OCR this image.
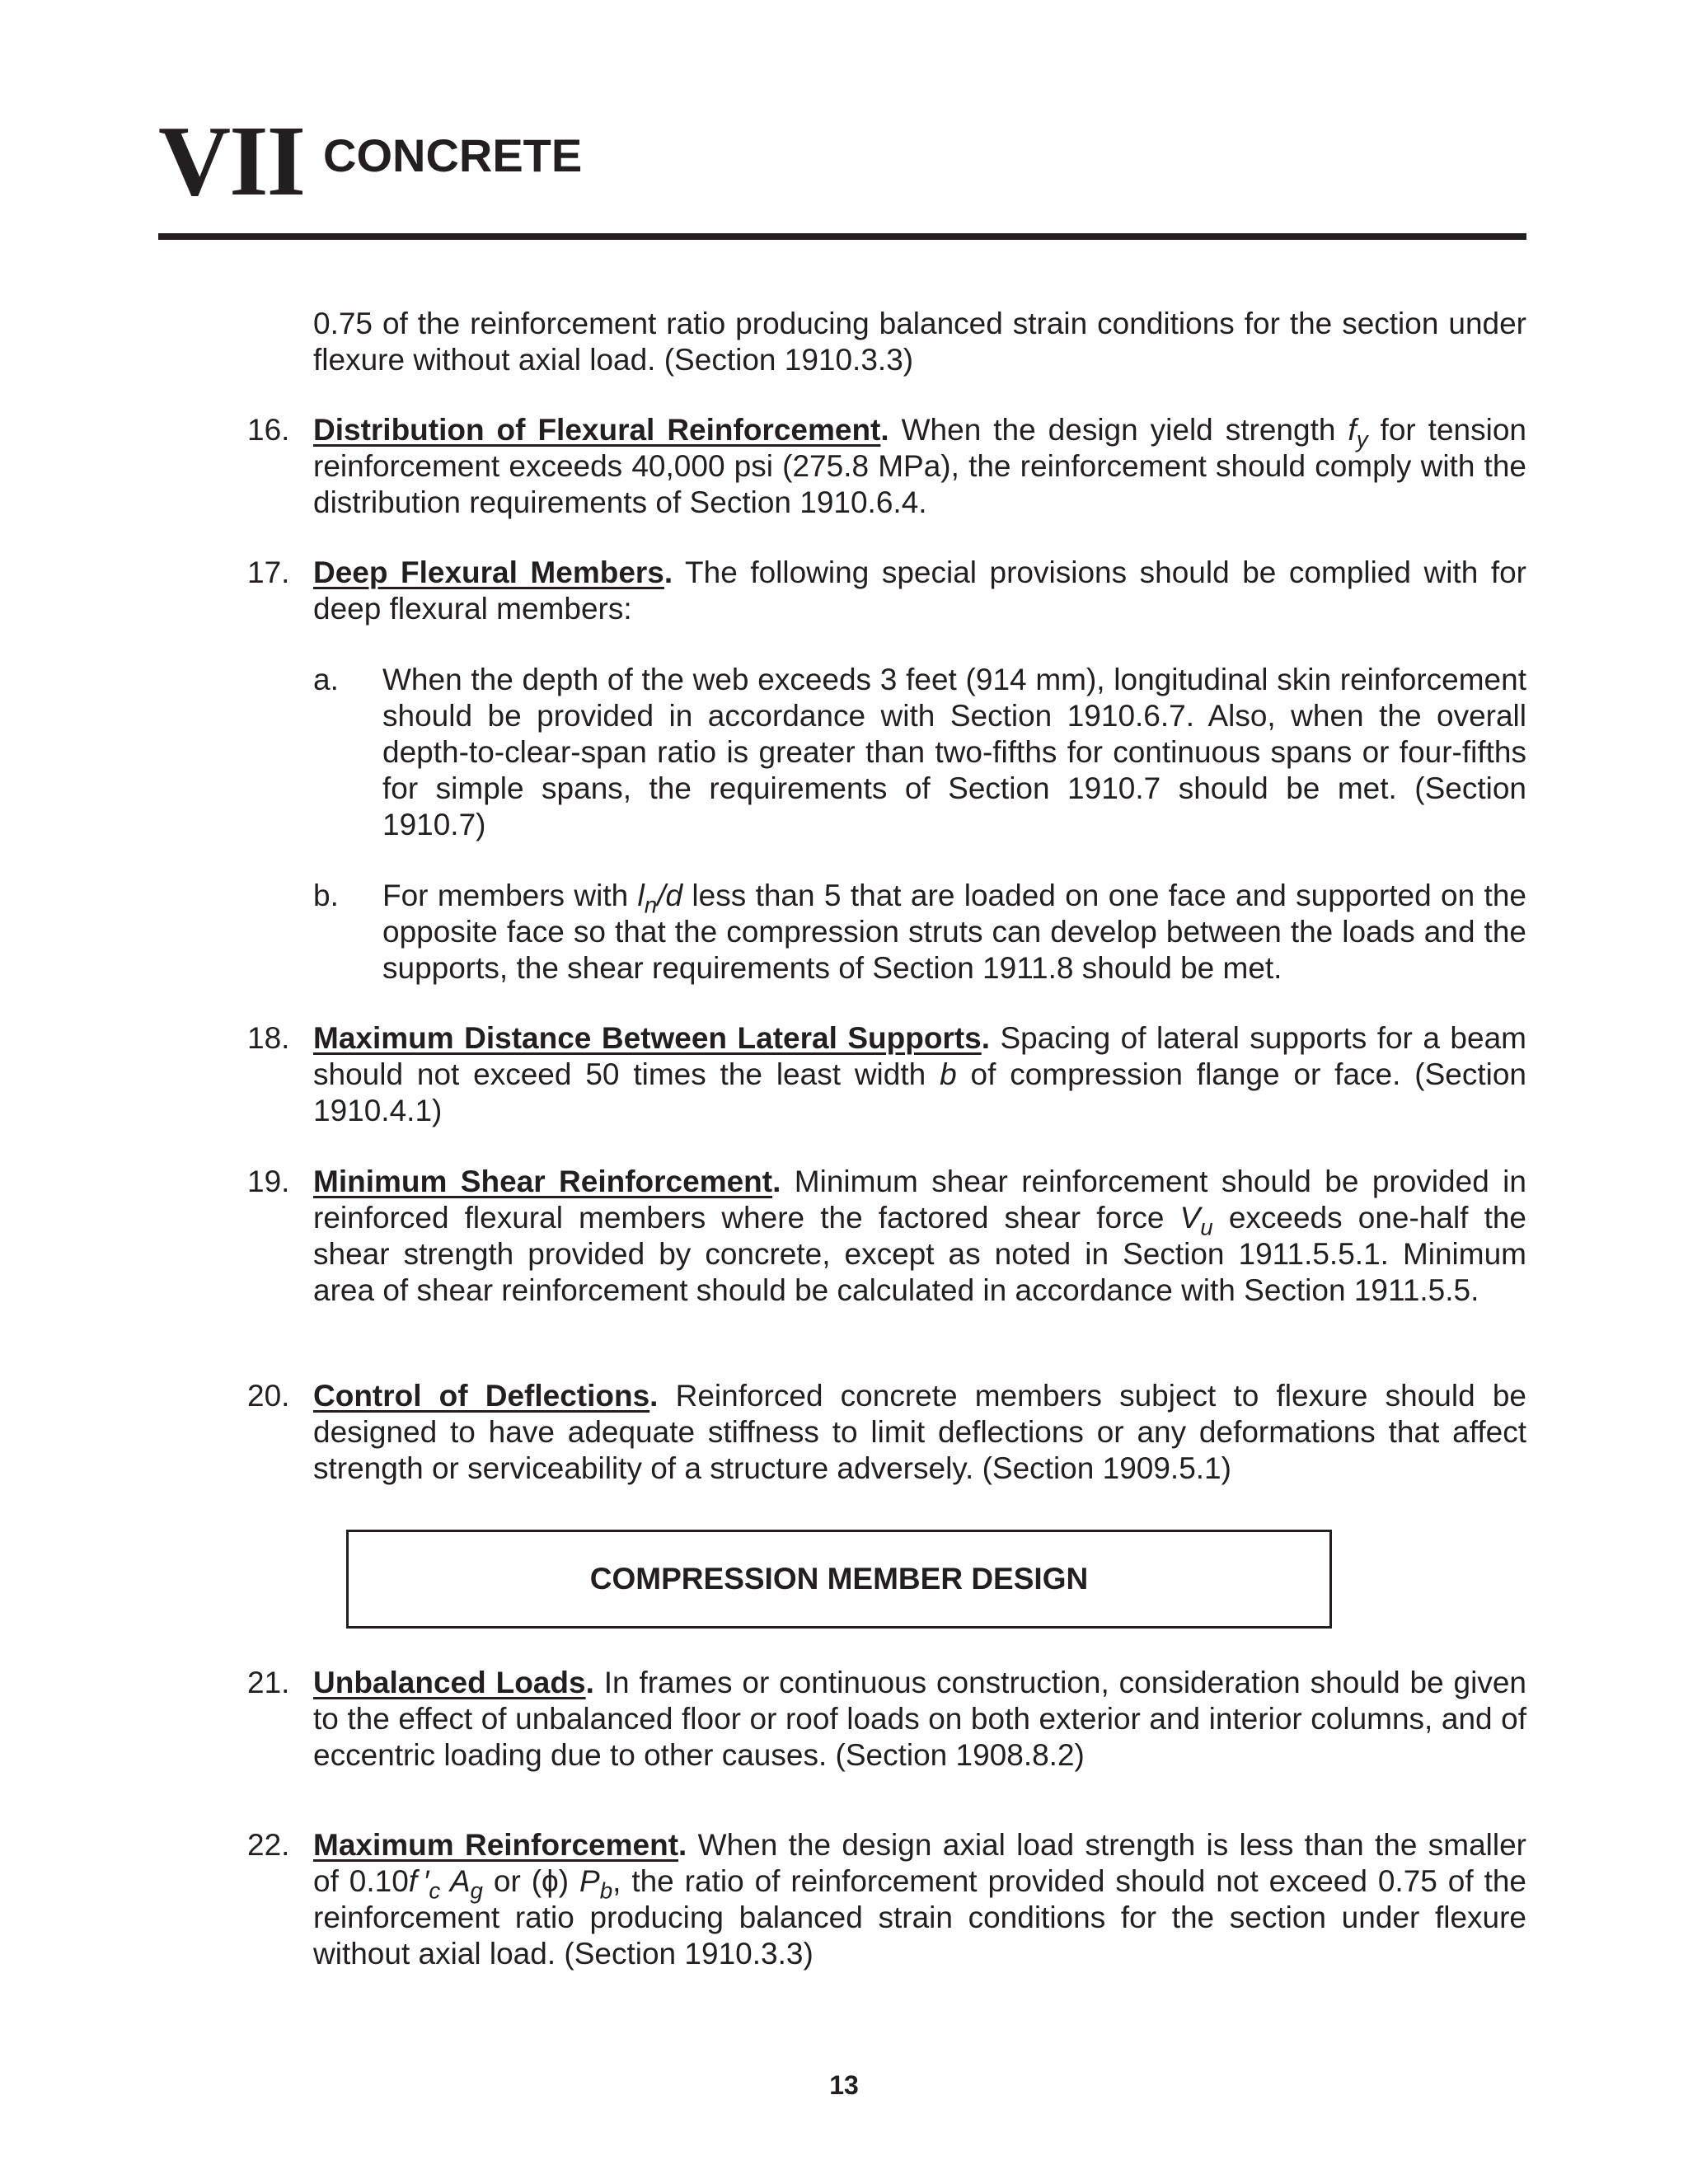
VII CONCRETE
0.75 of the reinforcement ratio producing balanced strain conditions for the section under flexure without axial load. (Section 1910.3.3)
16. Distribution of Flexural Reinforcement. When the design yield strength $f_y$ for tension reinforcement exceeds 40,000 psi (275.8 MPa), the reinforcement should comply with the distribution requirements of Section 1910.6.4.
17. Deep Flexural Members. The following special provisions should be complied with for deep flexural members:
a. When the depth of the web exceeds 3 feet (914 mm), longitudinal skin reinforcement should be provided in accordance with Section 1910.6.7. Also, when the overall depth-to-clear-span ratio is greater than two-fifths for continuous spans or four-fifths for simple spans, the requirements of Section 1910.7 should be met. (Section 1910.7)
b. For members with $l_n/d$ less than 5 that are loaded on one face and supported on the opposite face so that the compression struts can develop between the loads and the supports, the shear requirements of Section 1911.8 should be met.
18. Maximum Distance Between Lateral Supports. Spacing of lateral supports for a beam should not exceed 50 times the least width b of compression flange or face. (Section 1910.4.1)
19. Minimum Shear Reinforcement. Minimum shear reinforcement should be provided in reinforced flexural members where the factored shear force $V_u$ exceeds one-half the shear strength provided by concrete, except as noted in Section 1911.5.5.1. Minimum area of shear reinforcement should be calculated in accordance with Section 1911.5.5.
20. Control of Deflections. Reinforced concrete members subject to flexure should be designed to have adequate stiffness to limit deflections or any deformations that affect strength or serviceability of a structure adversely. (Section 1909.5.1)
21. Unbalanced Loads. In frames or continuous construction, consideration should be given to the effect of unbalanced floor or roof loads on both exterior and interior columns, and of eccentric loading due to other causes. (Section 1908.8.2)
22. Maximum Reinforcement. When the design axial load strength is less than the smaller of 0.10f $'_c$ $A_g$ or (ϕ) $P_b$, the ratio of reinforcement provided should not exceed 0.75 of the reinforcement ratio producing balanced strain conditions for the section under flexure without axial load. (Section 1910.3.3)
COMPRESSION MEMBER DESIGN
13
